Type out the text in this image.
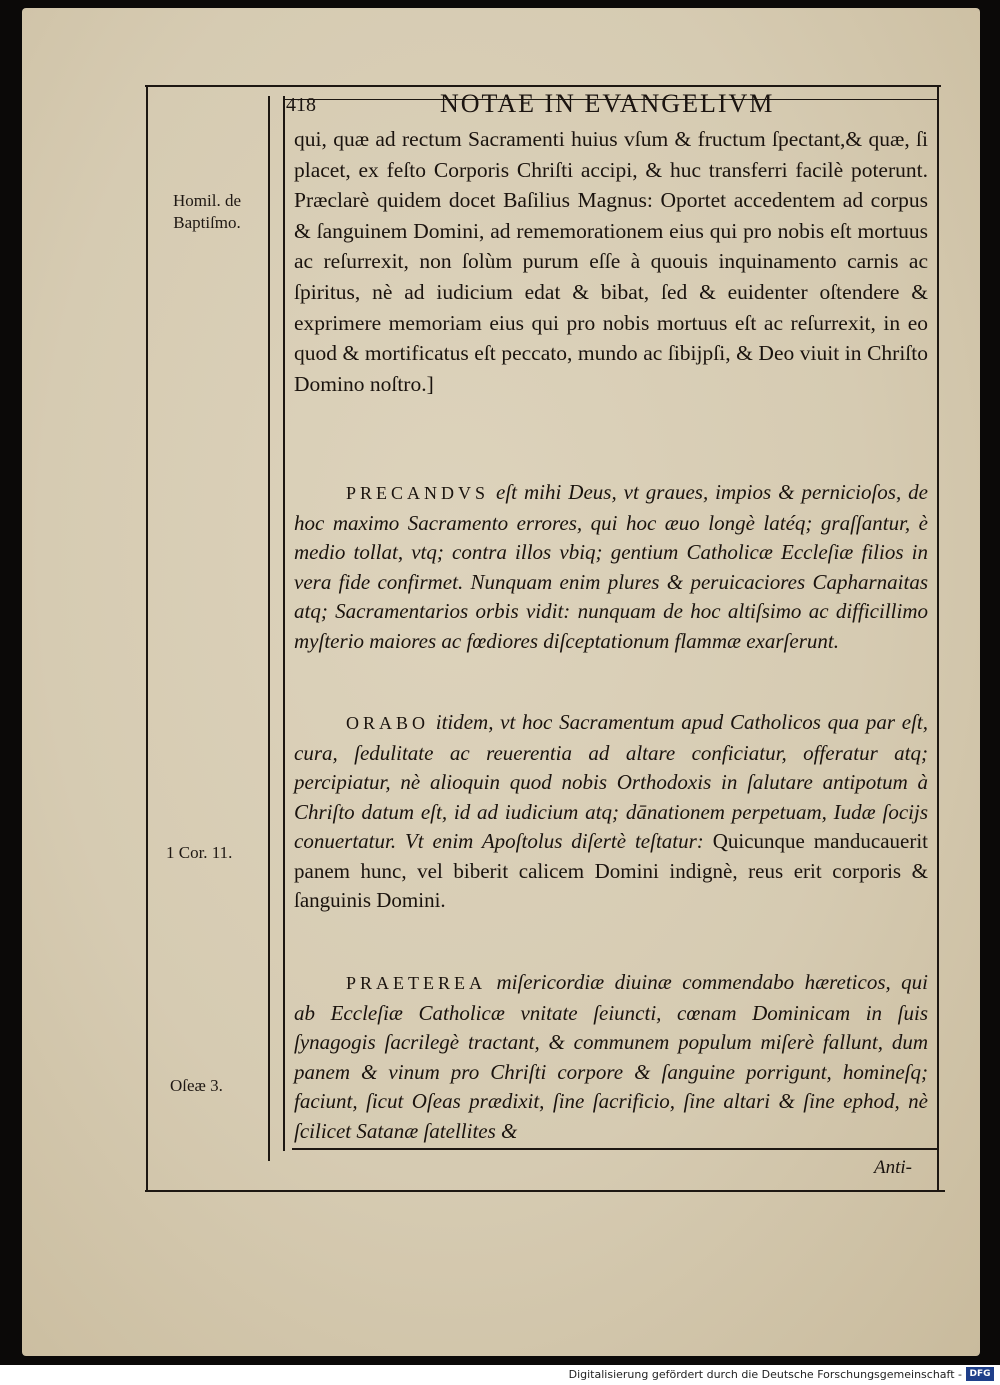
418	NOTAE IN EVANGELIVM
Homil. de
Baptiſmo.
1 Cor. 11.
Oſeæ 3.
qui, quæ ad rectum Sacramenti huius vſum & fructum ſpectant,& quæ, ſi placet, ex feſto Corporis Chriſti accipi, & huc transferri facilè poterunt. Præclarè quidem docet Baſilius Magnus: Oportet accedentem ad corpus & ſanguinem Domini, ad rememorationem eius qui pro nobis eſt mortuus ac reſurrexit, non ſolùm purum eſſe à quouis inquinamento carnis ac ſpiritus, nè ad iudicium edat & bibat, ſed & euidenter oſtendere & exprimere memoriam eius qui pro nobis mortuus eſt ac reſurrexit, in eo quod & mortificatus eſt peccato, mundo ac ſibijpſi, & Deo viuit in Chriſto Domino noſtro.]
PRECANDVS eſt mihi Deus, vt graues, impios & pernicioſos, de hoc maximo Sacramento errores, qui hoc æuo longè latéq; graſſantur, è medio tollat, vtq; contra illos vbiq; gentium Catholicæ Eccleſiæ filios in vera fide confirmet. Nunquam enim plures & peruicaciores Capharnaitas atq; Sacramentarios orbis vidit: nunquam de hoc altiſsimo ac difficillimo myſterio maiores ac fœdiores diſceptationum flammæ exarſerunt.
ORABO itidem, vt hoc Sacramentum apud Catholicos qua par eſt, cura, ſedulitate ac reuerentia ad altare conficiatur, offeratur atq; percipiatur, nè alioquin quod nobis Orthodoxis in ſalutare antipotum à Chriſto datum eſt, id ad iudicium atq; dānationem perpetuam, Iudæ ſocijs conuertatur. Vt enim Apoſtolus diſertè teſtatur: Quicunque manducauerit panem hunc, vel biberit calicem Domini indignè, reus erit corporis & ſanguinis Domini.
PRAETEREA miſericordiæ diuinæ commendabo hæreticos, qui ab Eccleſiæ Catholicæ vnitate ſeiuncti, cœnam Dominicam in ſuis ſynagogis ſacrilegè tractant, & communem populum miſerè fallunt, dum panem & vinum pro Chriſti corpore & ſanguine porrigunt, homineſq; faciunt, ſicut Oſeas prædixit, ſine ſacrificio, ſine altari & ſine ephod, nè ſcilicet Satanæ ſatellites &
Anti-
Digitalisierung gefördert durch die Deutsche Forschungsgemeinschaft - DFG
